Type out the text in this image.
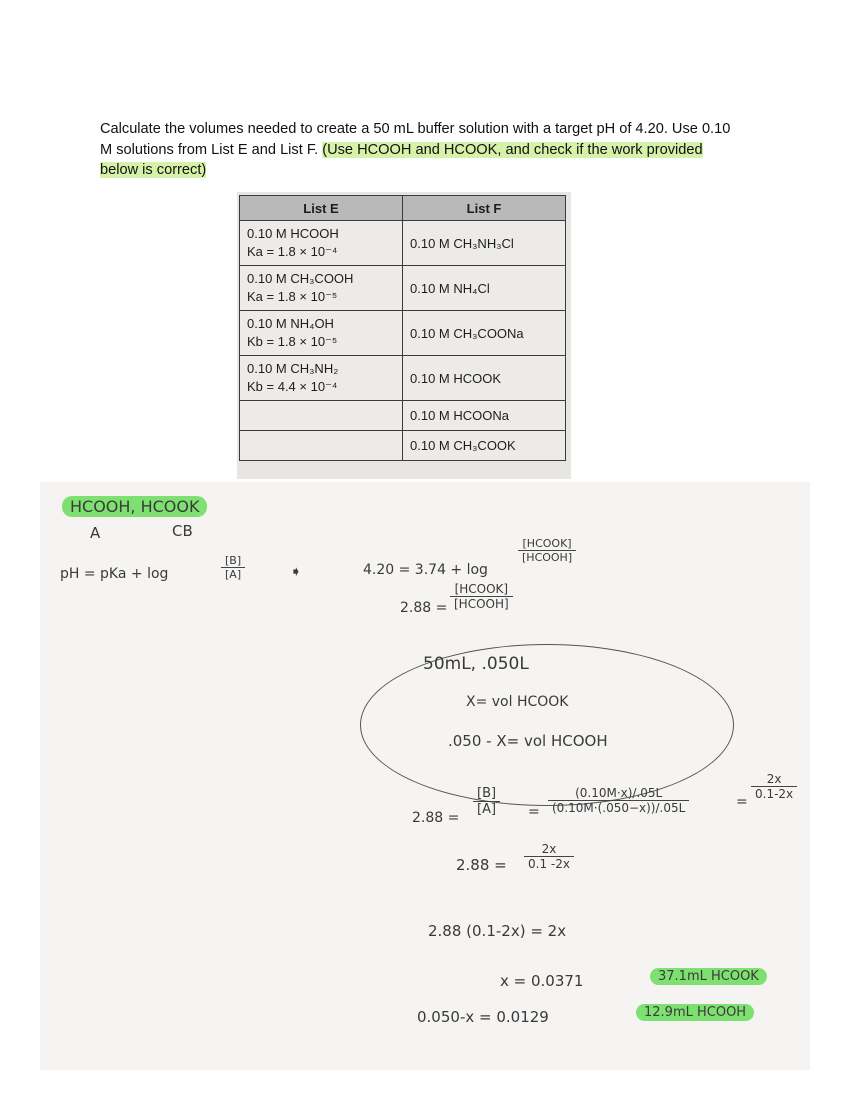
Calculate the volumes needed to create a 50 mL buffer solution with a target pH of 4.20. Use 0.10 M solutions from List E and List F. (Use HCOOH and HCOOK, and check if the work provided below is correct)

List E	List F

0.10 M HCOOH
Ka = 1.8 × 10⁻⁴	0.10 M CH₃NH₃Cl

0.10 M CH₃COOH
Ka = 1.8 × 10⁻⁵	0.10 M NH₄Cl

0.10 M NH₄OH
Kb = 1.8 × 10⁻⁵	0.10 M CH₃COONa

0.10 M CH₃NH₂
Kb = 4.4 × 10⁻⁴	0.10 M HCOOK
	0.10 M HCOONa
	0.10 M CH₃COOK
HCOOH, HCOOK
A	CB
pH = pKa + log	$\frac{[B]}{[A]}$	➧	4.20 = 3.74 + log
[HCOOK]
[HCOOH]
2.88 =
[HCOOK]
[HCOOH]
50mL, .050L
X= vol HCOOK
.050 - X= vol HCOOH
2.88 =
$\frac{[B]}{[A]} = \frac{(0.10M\cdot x)/.05L}{(0.10M\cdot(.050-x))/.05L}$	=
$\frac{2x}{0.1-2x}$
$2.88 = \frac{2x}{0.1 -2x}$
2.88 (0.1-2x) = 2x
x = 0.0371
0.050-x = 0.0129
37.1mL HCOOK
12.9mL HCOOH
